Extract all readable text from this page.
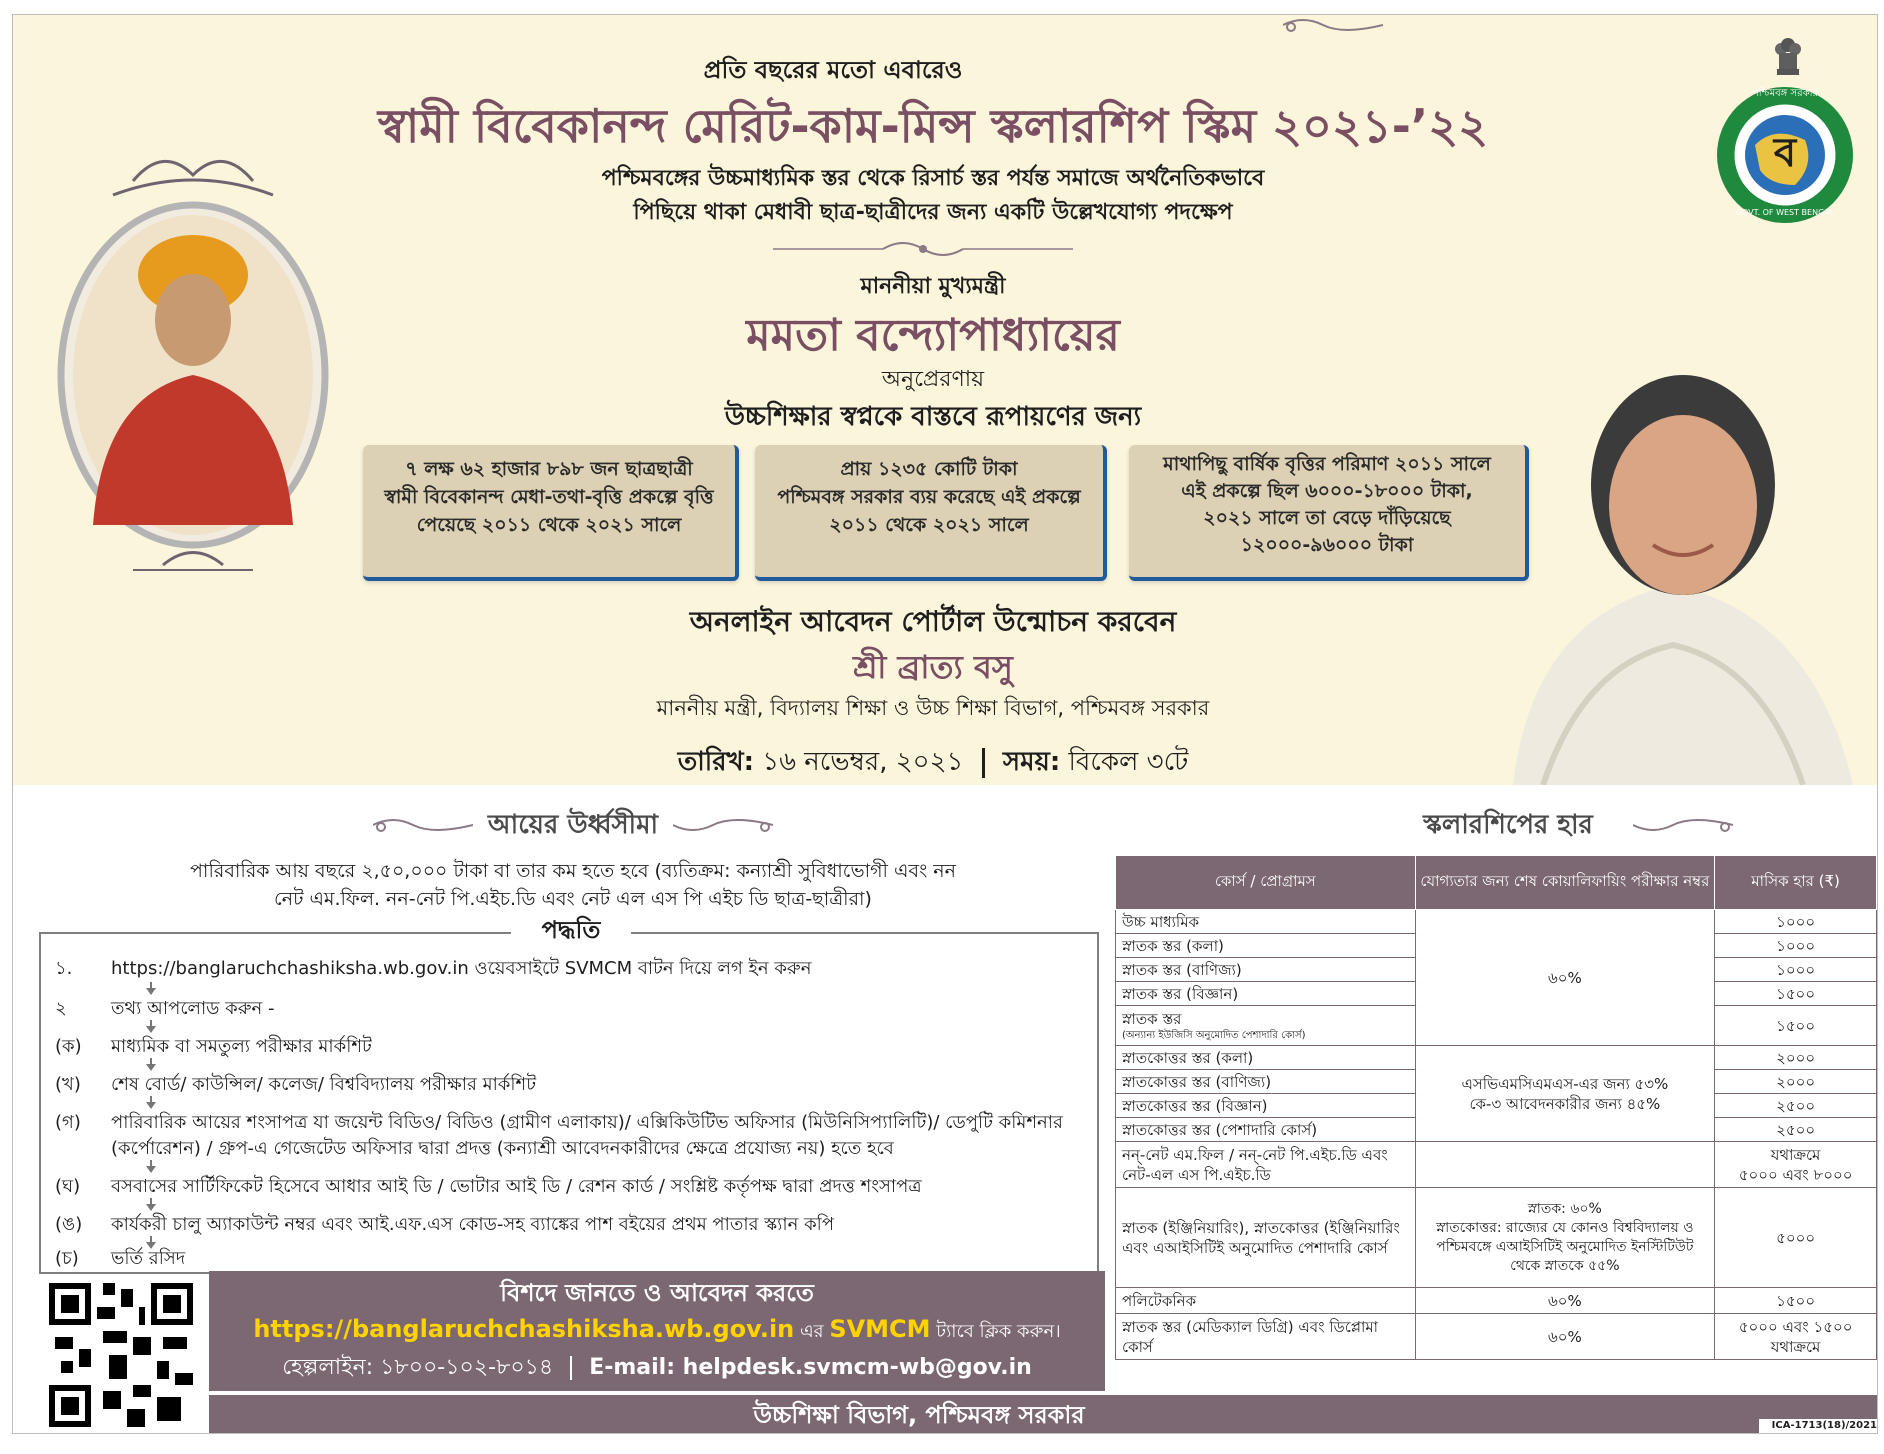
ব
পশ্চিমবঙ্গ সরকার
GOVT. OF WEST BENGAL
প্রতি বছরের মতো এবারেও
স্বামী বিবেকানন্দ মেরিট-কাম-মিন্স স্কলারশিপ স্কিম ২০২১-’২২
পশ্চিমবঙ্গের উচ্চমাধ্যমিক স্তর থেকে রিসার্চ স্তর পর্যন্ত সমাজে অর্থনৈতিকভাবে
পিছিয়ে থাকা মেধাবী ছাত্র-ছাত্রীদের জন্য একটি উল্লেখযোগ্য পদক্ষেপ
মাননীয়া মুখ্যমন্ত্রী
মমতা বন্দ্যোপাধ্যায়ের
অনুপ্রেরণায়
উচ্চশিক্ষার স্বপ্নকে বাস্তবে রূপায়ণের জন্য
৭ লক্ষ ৬২ হাজার ৮৯৮ জন ছাত্রছাত্রী
স্বামী বিবেকানন্দ মেধা-তথা-বৃত্তি প্রকল্পে বৃত্তি
পেয়েছে ২০১১ থেকে ২০২১ সালে
প্রায় ১২৩৫ কোটি টাকা
পশ্চিমবঙ্গ সরকার ব্যয় করেছে এই প্রকল্পে
২০১১ থেকে ২০২১ সালে
মাথাপিছু বার্ষিক বৃত্তির পরিমাণ ২০১১ সালে
এই প্রকল্পে ছিল ৬০০০-১৮০০০ টাকা,
২০২১ সালে তা বেড়ে দাঁড়িয়েছে
১২০০০-৯৬০০০ টাকা
অনলাইন আবেদন পোর্টাল উন্মোচন করবেন
শ্রী ব্রাত্য বসু
মাননীয় মন্ত্রী, বিদ্যালয় শিক্ষা ও উচ্চ শিক্ষা বিভাগ, পশ্চিমবঙ্গ সরকার
তারিখ: ১৬ নভেম্বর, ২০২১ সময়: বিকেল ৩টে
আয়ের উর্ধ্বসীমা
পারিবারিক আয় বছরে ২,৫০,০০০ টাকা বা তার কম হতে হবে (ব্যতিক্রম: কন্যাশ্রী সুবিধাভোগী এবং নন
নেট এম.ফিল. নন-নেট পি.এইচ.ডি এবং নেট এল এস পি এইচ ডি ছাত্র-ছাত্রীরা)
পদ্ধতি
১.	https://banglaruchchashiksha.wb.gov.in ওয়েবসাইটে SVMCM বাটন দিয়ে লগ ইন করুন
২	তথ্য আপলোড করুন -
(ক)	মাধ্যমিক বা সমতুল্য পরীক্ষার মার্কশিট
(খ)	শেষ বোর্ড/ কাউন্সিল/ কলেজ/ বিশ্ববিদ্যালয় পরীক্ষার মার্কশিট
(গ)	পারিবারিক আয়ের শংসাপত্র যা জয়েন্ট বিডিও/ বিডিও (গ্রামীণ এলাকায়)/ এক্সিকিউটিভ অফিসার (মিউনিসিপ্যালিটি)/ ডেপুটি কমিশনার (কর্পোরেশন) / গ্রুপ-এ গেজেটেড অফিসার দ্বারা প্রদত্ত (কন্যাশ্রী আবেদনকারীদের ক্ষেত্রে প্রযোজ্য নয়) হতে হবে
(ঘ)	বসবাসের সার্টিফিকেট হিসেবে আধার আই ডি / ভোটার আই ডি / রেশন কার্ড / সংশ্লিষ্ট কর্তৃপক্ষ দ্বারা প্রদত্ত শংসাপত্র
(ঙ)	কার্যকরী চালু অ্যাকাউন্ট নম্বর এবং আই.এফ.এস কোড-সহ ব্যাঙ্কের পাশ বইয়ের প্রথম পাতার স্ক্যান কপি
(চ)	ভর্তি রসিদ
স্কলারশিপের হার
কোর্স / প্রোগ্রামস	যোগ্যতার জন্য শেষ কোয়ালিফায়িং পরীক্ষার নম্বর	মাসিক হার (₹)
উচ্চ মাধ্যমিক	৬০%	১০০০
স্নাতক স্তর (কলা)		১০০০
স্নাতক স্তর (বাণিজ্য)		১০০০
স্নাতক স্তর (বিজ্ঞান)		১৫০০

স্নাতক স্তর
(অন্যান্য ইউজিসি অনুমোদিত পেশাদারি কোর্স)		১৫০০
স্নাতকোত্তর স্তর (কলা)	এসভিএমসিএমএস-এর জন্য ৫৩%
কে-৩ আবেদনকারীর জন্য ৪৫%	২০০০
স্নাতকোত্তর স্তর (বাণিজ্য)		২০০০
স্নাতকোত্তর স্তর (বিজ্ঞান)		২৫০০
স্নাতকোত্তর স্তর (পেশাদারি কোর্স)		২৫০০
নন্-নেট এম.ফিল / নন্-নেট পি.এইচ.ডি এবং নেট-এল এস পি.এইচ.ডি		যথাক্রমে
৫০০০ এবং ৮০০০

স্নাতক (ইঞ্জিনিয়ারিং), স্নাতকোত্তর (ইঞ্জিনিয়ারিং এবং এআইসিটিই অনুমোদিত পেশাদারি কোর্স	স্নাতক: ৬০%
স্নাতকোত্তর: রাজ্যের যে কোনও বিশ্ববিদ্যালয় ও পশ্চিমবঙ্গে এআইসিটিই অনুমোদিত ইনস্টিটিউট থেকে স্নাতকে ৫৫%	৫০০০
পলিটেকনিক	৬০%	১৫০০
স্নাতক স্তর (মেডিক্যাল ডিগ্রি) এবং ডিপ্লোমা কোর্স	৬০%	৫০০০ এবং ১৫০০
যথাক্রমে
বিশদে জানতে ও আবেদন করতে
https://banglaruchchashiksha.wb.gov.in এর SVMCM ট্যাবে ক্লিক করুন।
হেল্পলাইন: ১৮০০-১০২-৮০১৪ E-mail: helpdesk.svmcm-wb@gov.in
উচ্চশিক্ষা বিভাগ, পশ্চিমবঙ্গ সরকার	ICA-1713(18)/2021
